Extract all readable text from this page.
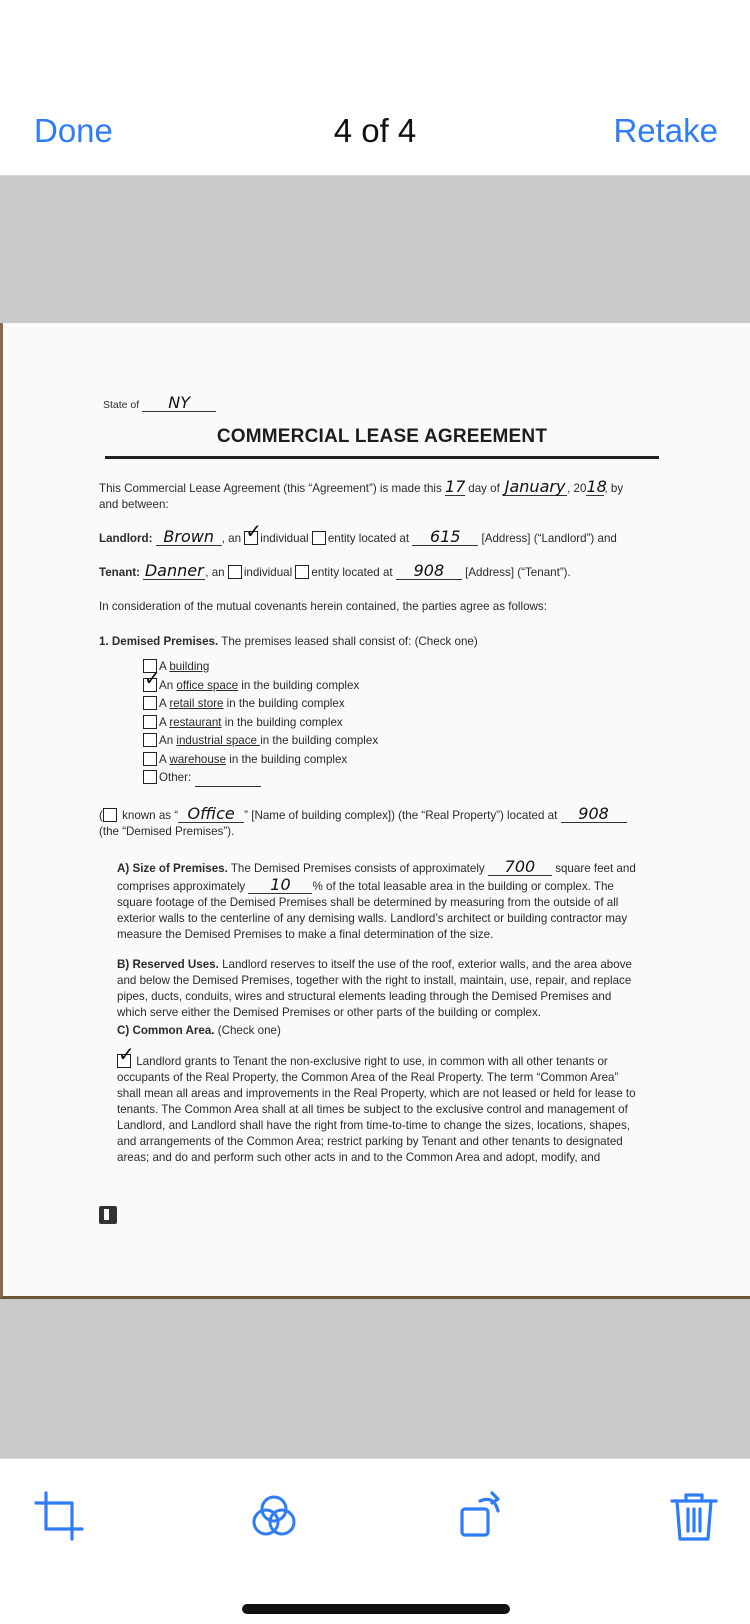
Done	4 of 4	Retake
State of NY
COMMERCIAL LEASE AGREEMENT
This Commercial Lease Agreement (this “Agreement”) is made this 17 day of January , 2018, by
and between:
Landlord: Brown , an ✓ individual entity located at 615 [Address] (“Landlord”) and
Tenant: Danner , an individual entity located at 908 [Address] (“Tenant”).
In consideration of the mutual covenants herein contained, the parties agree as follows:
1. Demised Premises. The premises leased shall consist of: (Check one)
A building
✓An office space in the building complex
A retail store in the building complex
A restaurant in the building complex
An industrial space in the building complex
A warehouse in the building complex
Other:
( known as “ Office ” [Name of building complex]) (the “Real Property”) located at 908
(the “Demised Premises”).
A) Size of Premises. The Demised Premises consists of approximately 700 square feet and
comprises approximately 10 % of the total leasable area in the building or complex. The
square footage of the Demised Premises shall be determined by measuring from the outside of all
exterior walls to the centerline of any demising walls. Landlord’s architect or building contractor may
measure the Demised Premises to make a final determination of the size.
B) Reserved Uses. Landlord reserves to itself the use of the roof, exterior walls, and the area above
and below the Demised Premises, together with the right to install, maintain, use, repair, and replace
pipes, ducts, conduits, wires and structural elements leading through the Demised Premises and
which serve either the Demised Premises or other parts of the building or complex.
C) Common Area. (Check one)
✓ Landlord grants to Tenant the non-exclusive right to use, in common with all other tenants or
occupants of the Real Property, the Common Area of the Real Property. The term “Common Area”
shall mean all areas and improvements in the Real Property, which are not leased or held for lease to
tenants. The Common Area shall at all times be subject to the exclusive control and management of
Landlord, and Landlord shall have the right from time-to-time to change the sizes, locations, shapes,
and arrangements of the Common Area; restrict parking by Tenant and other tenants to designated
areas; and do and perform such other acts in and to the Common Area and adopt, modify, and
